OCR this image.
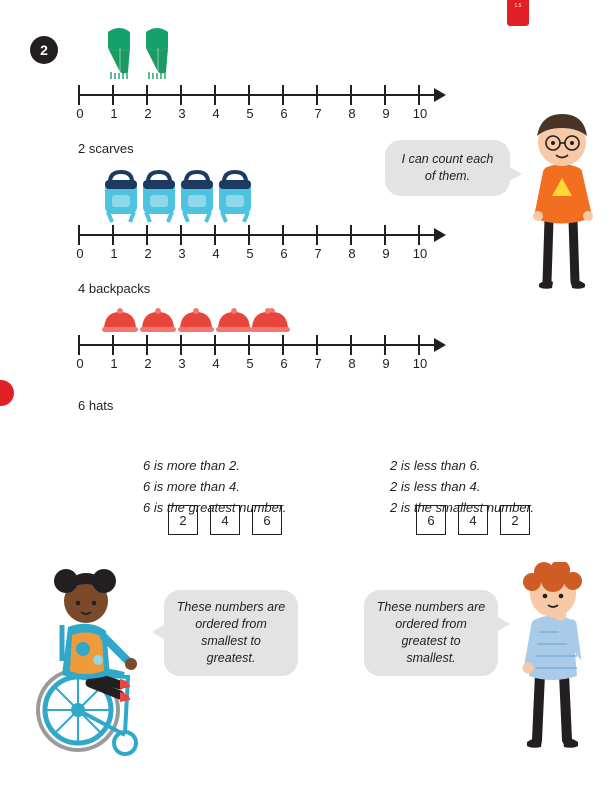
1.5
2
0	1	2	3	4	5	6	7	8	9	10
2 scarves
0	1	2	3	4	5	6	7	8	9	10
4 backpacks
0	1	2	3	4	5	6	7	8	9	10
6 hats
I can count each of them.
6 is more than 2.
6 is more than 4.
6 is the greatest number.
2 is less than 6.
2 is less than 4.
2 is the smallest number.
2	4	6	6	4	2
These numbers are ordered from smallest to greatest.
These numbers are ordered from greatest to smallest.
